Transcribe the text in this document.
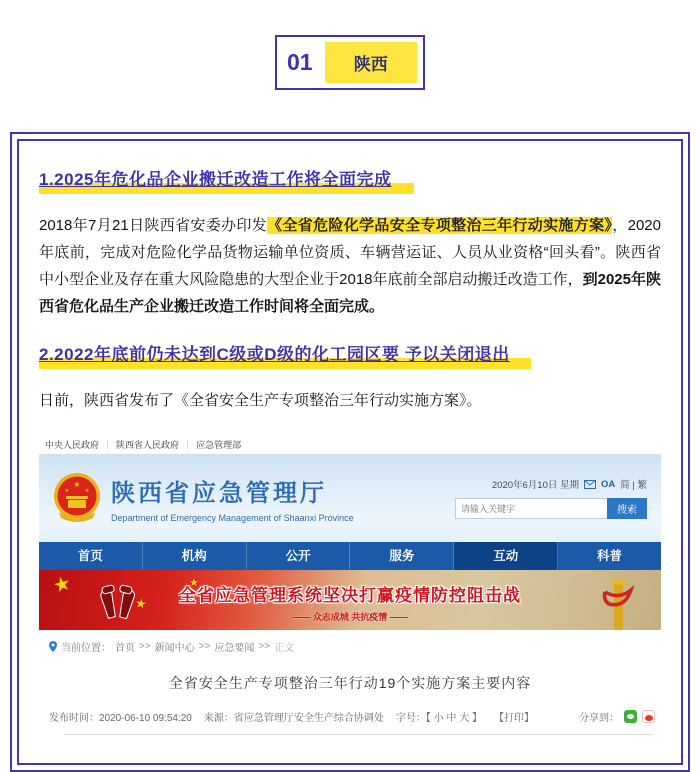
01	陕西
1.2025年危化品企业搬迁改造工作将全面完成

2018年7月21日陕西省安委办印发《全省危险化学品安全专项整治三年行动实施方案》，2020年底前，完成对危险化学品货物运输单位资质、车辆营运证、人员从业资格“回头看”。陕西省中小型企业及存在重大风险隐患的大型企业于2018年底前全部启动搬迁改造工作，到2025年陕西省危化品生产企业搬迁改造工作时间将全面完成。

2.2022年底前仍未达到C级或D级的化工园区要 予以关闭退出

日前，陕西省发布了《全省安全生产专项整治三年行动实施方案》。

中央人民政府 ｜ 陕西省人民政府 ｜ 应急管理部
★
★	★ 陕西省应急管理厅
Department of Emergency Management of Shaanxi Province
2020年6月10日 星期 OA 简 | 繁
请输入关键字
搜索
首页	机构	公开	服务	互动	科普
★
★
★
全省应急管理系统坚决打赢疫情防控阻击战
—— 众志成城 共抗疫情 ——
当前位置： 首页 >> 新闻中心 >> 应急要闻 >> 正文
全省安全生产专项整治三年行动19个实施方案主要内容
发布时间：2020-06-10 09:54:20 来源：省应急管理厅安全生产综合协调处 字号：【 小 中 大 】 【打印】	分享到：
